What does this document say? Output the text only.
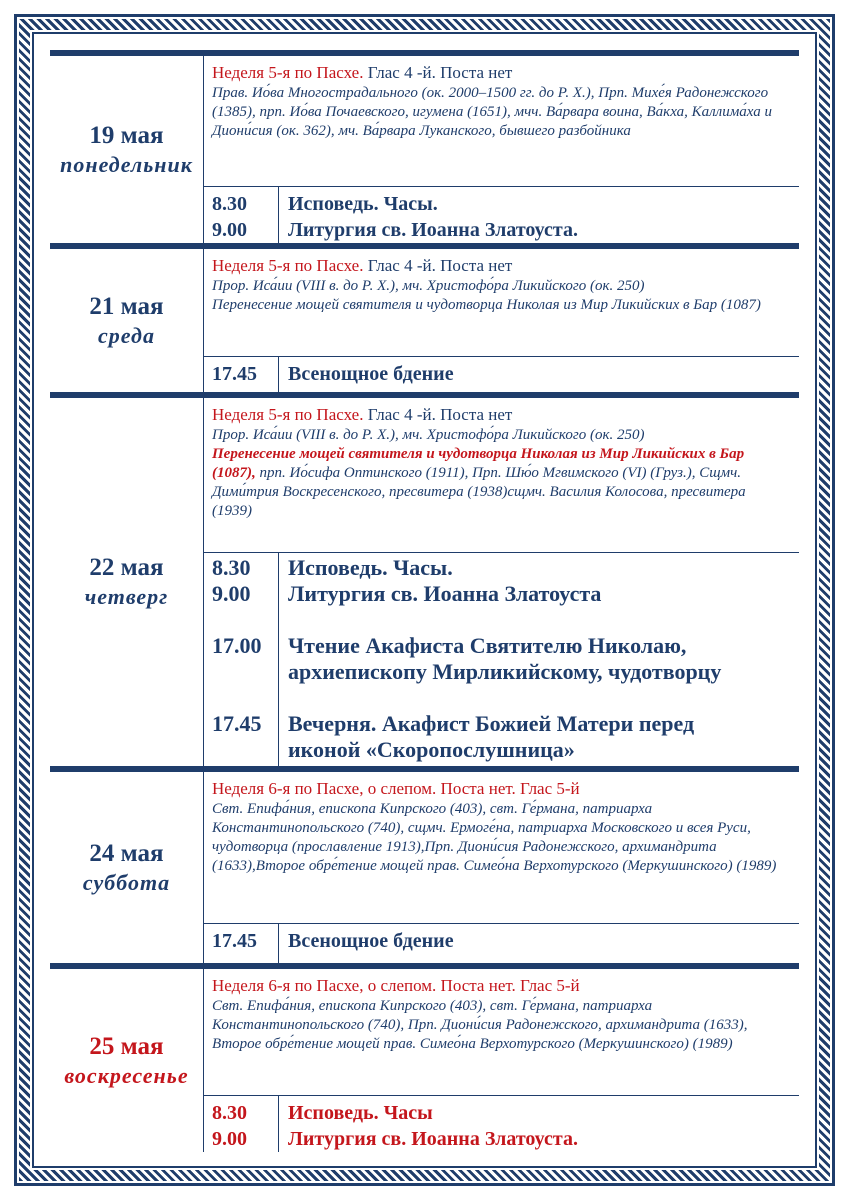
19 мая
понедельник
Неделя 5-я по Пасхе. Глас 4 -й. Поста нет

Прав. Ио́ва Многострадального (ок. 2000–1500 гг. до Р. Х.), Прп. Михе́я Радонежского (1385), прп. Ио́ва Почаевского, игумена (1651), мчч. Ва́рвара воина, Ва́кха, Каллима́ха и Диони́сия (ок. 362), мч. Ва́рвара Луканского, бывшего разбойника

8.30
9.00
Исповедь. Часы.
Литургия св. Иоанна Златоуста.
21 мая
среда
Неделя 5-я по Пасхе. Глас 4 -й. Поста нет

Прор. Иса́ии (VIII в. до Р. Х.), мч. Христофо́ра Ликийского (ок. 250)
Перенесение мощей святителя и чудотворца Николая из Мир Ликийских в Бар (1087)

17.45	Всенощное бдение
22 мая
четверг
Неделя 5-я по Пасхе. Глас 4 -й. Поста нет

Прор. Иса́ии (VIII в. до Р. Х.), мч. Христофо́ра Ликийского (ок. 250)
Перенесение мощей святителя и чудотворца Николая из Мир Ликийских в Бар (1087), прп. Ио́сифа Оптинского (1911), Прп. Шю́о Мгвимского (VI) (Груз.), Сщмч. Дими́трия Воскресенского, пресвитера (1938)сщмч. Василия Колосова, пресвитера (1939)

8.30
9.00
17.00
17.45
Исповедь. Часы.
Литургия св. Иоанна Златоуста
Чтение Акафиста Святителю Николаю,
архиепископу Мирликийскому, чудотворцу
Вечерня. Акафист Божией Матери перед
иконой «Скоропослушница»
24 мая
суббота
Неделя 6-я по Пасхе, о слепом. Поста нет. Глас 5-й

Свт. Епифа́ния, епископа Кипрского (403), свт. Ге́рмана, патриарха Константинопольского (740), сщмч. Ермоге́на, патриарха Московского и всея Руси, чудотворца (прославление 1913),Прп. Диони́сия Радонежского, архимандрита (1633),Второе обре́тение мощей прав. Симео́на Верхотурского (Меркушинского) (1989)

17.45	Всенощное бдение
25 мая
воскресенье
Неделя 6-я по Пасхе, о слепом. Поста нет. Глас 5-й

Свт. Епифа́ния, епископа Кипрского (403), свт. Ге́рмана, патриарха Константинопольского (740), Прп. Диони́сия Радонежского, архимандрита (1633), Второе обре́тение мощей прав. Симео́на Верхотурского (Меркушинского) (1989)

8.30
9.00
Исповедь. Часы
Литургия св. Иоанна Златоуста.
